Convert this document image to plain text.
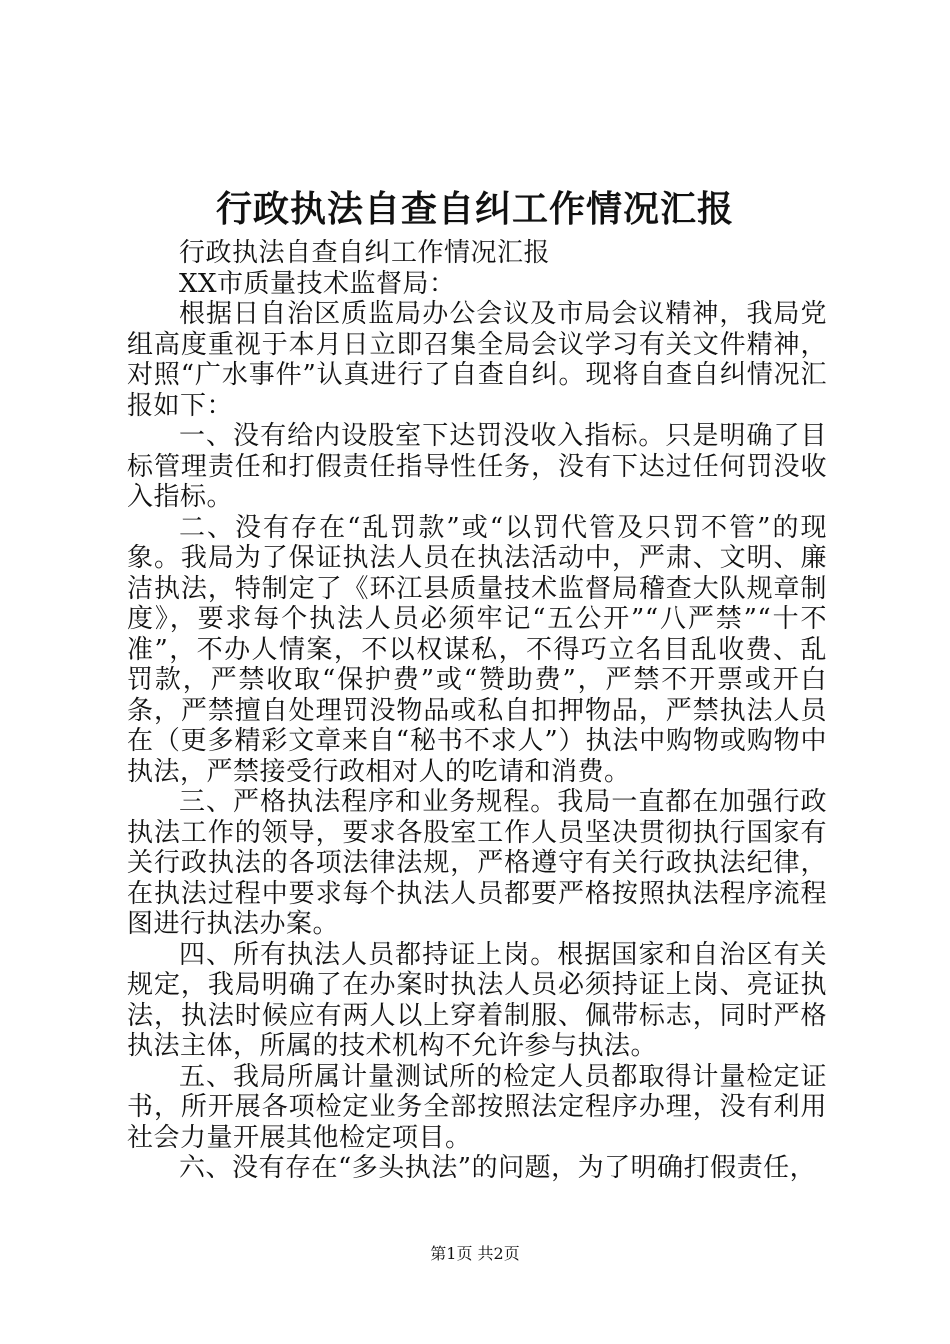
行政执法自查自纠工作情况汇报

行政执法自查自纠工作情况汇报

XX市质量技术监督局：

根据日自治区质监局办公会议及市局会议精神，我局党组高度重视于本月日立即召集全局会议学习有关文件精神，对照“广水事件”认真进行了自查自纠。现将自查自纠情况汇报如下：

一、没有给内设股室下达罚没收入指标。只是明确了目标管理责任和打假责任指导性任务，没有下达过任何罚没收入指标。

二、没有存在“乱罚款”或“以罚代管及只罚不管”的现象。我局为了保证执法人员在执法活动中，严肃、文明、廉洁执法，特制定了《环江县质量技术监督局稽查大队规章制度》，要求每个执法人员必须牢记“五公开”“八严禁”“十不准”，不办人情案，不以权谋私，不得巧立名目乱收费、乱罚款，严禁收取“保护费”或“赞助费”，严禁不开票或开白条，严禁擅自处理罚没物品或私自扣押物品，严禁执法人员在（更多精彩文章来自“秘书不求人”）执法中购物或购物中执法，严禁接受行政相对人的吃请和消费。

三、严格执法程序和业务规程。我局一直都在加强行政执法工作的领导，要求各股室工作人员坚决贯彻执行国家有关行政执法的各项法律法规，严格遵守有关行政执法纪律，在执法过程中要求每个执法人员都要严格按照执法程序流程图进行执法办案。

四、所有执法人员都持证上岗。根据国家和自治区有关规定，我局明确了在办案时执法人员必须持证上岗、亮证执法，执法时候应有两人以上穿着制服、佩带标志，同时严格执法主体，所属的技术机构不允许参与执法。

五、我局所属计量测试所的检定人员都取得计量检定证书，所开展各项检定业务全部按照法定程序办理，没有利用社会力量开展其他检定项目。

六、没有存在“多头执法”的问题，为了明确打假责任，

第1页 共2页
